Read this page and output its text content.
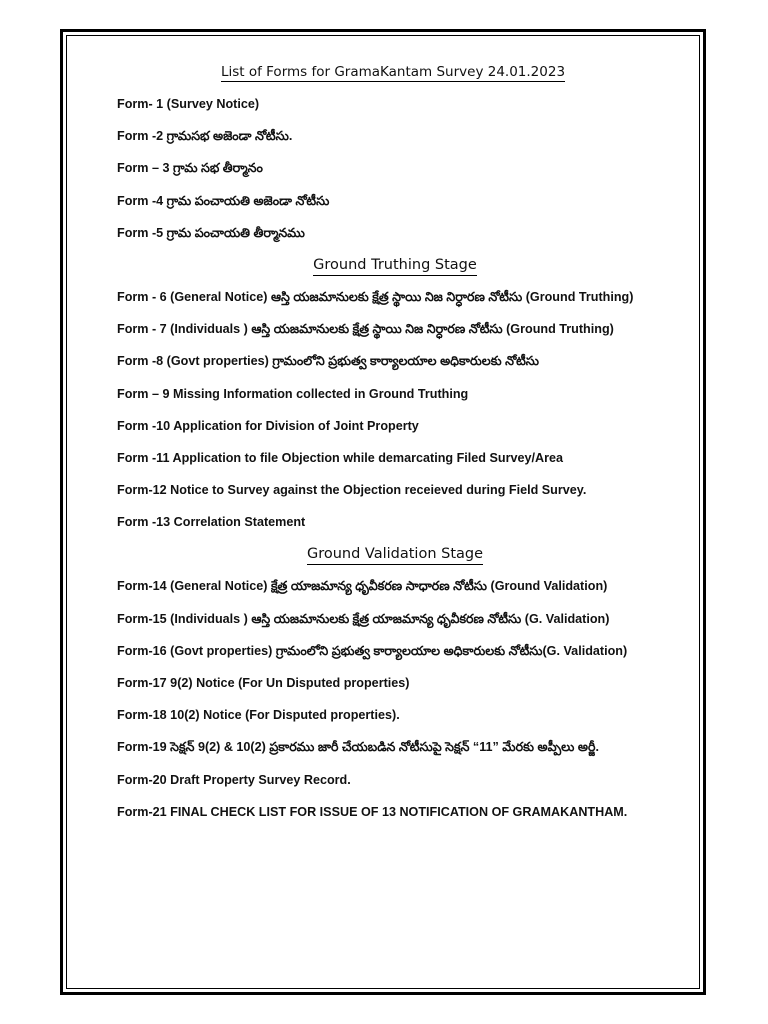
List of Forms for GramaKantam Survey 24.01.2023
Form- 1 (Survey Notice)
Form -2 గ్రామసభ అజెండా నోటీసు.
Form – 3 గ్రామ సభ తీర్మానం
Form -4 గ్రామ పంచాయతి అజెండా నోటీసు
Form -5 గ్రామ పంచాయతి తీర్మానము
Ground Truthing Stage
Form - 6 (General Notice) ఆస్తి యజమానులకు క్షేత్ర స్థాయి నిజ నిర్ధారణ నోటీసు (Ground Truthing)
Form - 7 (Individuals ) ఆస్తి యజమానులకు క్షేత్ర స్థాయి నిజ నిర్ధారణ నోటీసు (Ground Truthing)
Form -8 (Govt properties) గ్రామంలోని ప్రభుత్వ కార్యాలయాల అధికారులకు నోటీసు
Form – 9 Missing Information collected in Ground Truthing
Form -10 Application for Division of Joint Property
Form -11 Application to file Objection while demarcating Filed Survey/Area
Form-12 Notice to Survey against the Objection receieved during Field Survey.
Form -13 Correlation Statement
Ground Validation Stage
Form-14 (General Notice) క్షేత్ర యాజమాన్య ధృవీకరణ సాధారణ నోటీసు (Ground Validation)
Form-15 (Individuals ) ఆస్తి యజమానులకు క్షేత్ర యాజమాన్య ధృవీకరణ నోటీసు (G. Validation)
Form-16 (Govt properties) గ్రామంలోని ప్రభుత్వ కార్యాలయాల అధికారులకు నోటీసు(G. Validation)
Form-17 9(2) Notice (For Un Disputed properties)
Form-18 10(2) Notice (For Disputed properties).
Form-19 సెక్షన్ 9(2) & 10(2) ప్రకారము జారీ చేయబడిన నోటీసుపై సెక్షన్ “11” మేరకు అప్పీలు అర్జీ.
Form-20 Draft Property Survey Record.
Form-21 FINAL CHECK LIST FOR ISSUE OF 13 NOTIFICATION OF GRAMAKANTHAM.
